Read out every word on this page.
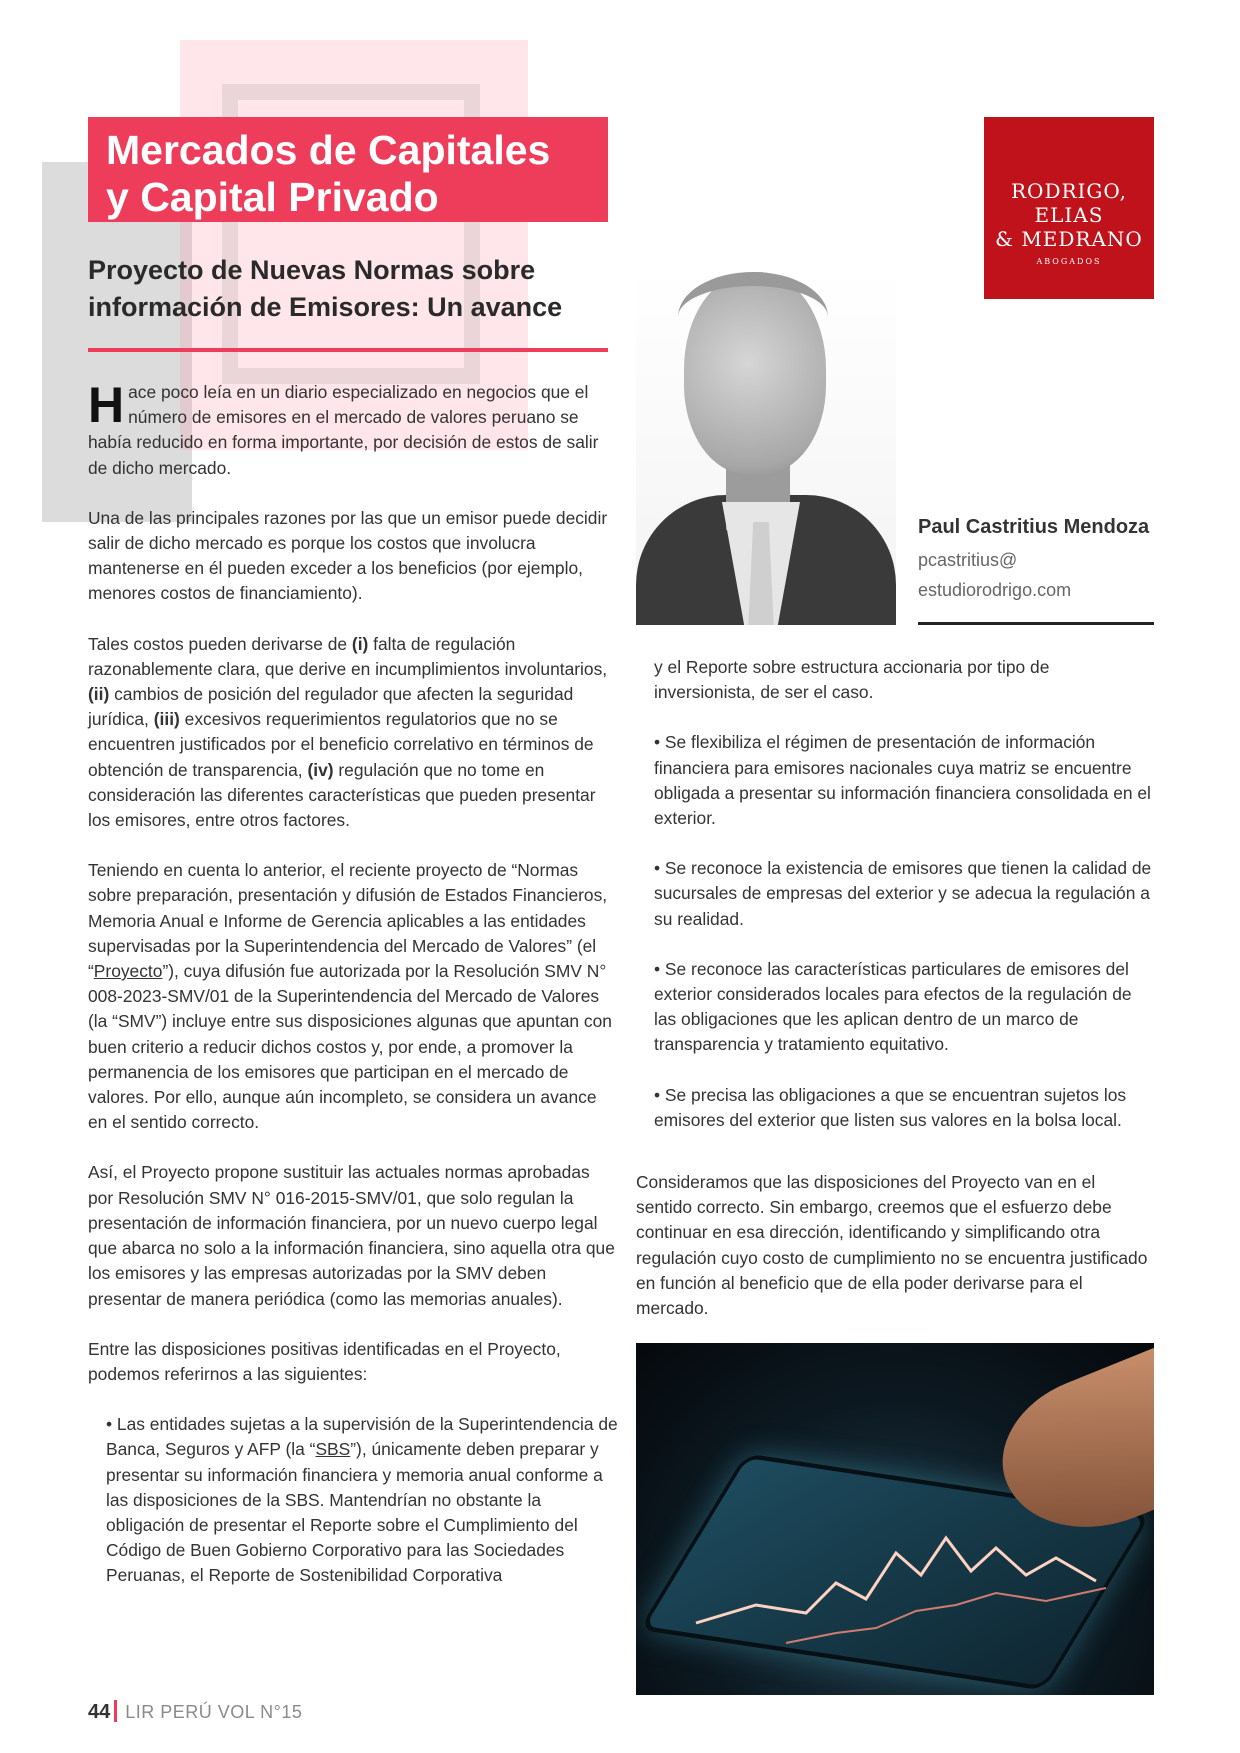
Mercados de Capitales
y Capital Privado
Proyecto de Nuevas Normas sobre
información de Emisores: Un avance
RODRIGO,
ELIAS
& MEDRANO
ABOGADOS
Paul Castritius Mendoza
pcastritius@
estudiorodrigo.com

Hace poco leía en un diario especializado en negocios que el número de emisores en el mercado de valores peruano se había reducido en forma importante, por decisión de estos de salir de dicho mercado.

Una de las principales razones por las que un emisor puede decidir salir de dicho mercado es porque los costos que involucra mantenerse en él pueden exceder a los beneficios (por ejemplo, menores costos de financiamiento).

Tales costos pueden derivarse de (i) falta de regulación razonablemente clara, que derive en incumplimientos involuntarios, (ii) cambios de posición del regulador que afecten la seguridad jurídica, (iii) excesivos requerimientos regulatorios que no se encuentren justificados por el beneficio correlativo en términos de obtención de transparencia, (iv) regulación que no tome en consideración las diferentes características que pueden presentar los emisores, entre otros factores.

Teniendo en cuenta lo anterior, el reciente proyecto de “Normas sobre preparación, presentación y difusión de Estados Financieros, Memoria Anual e Informe de Gerencia aplicables a las entidades supervisadas por la Superintendencia del Mercado de Valores” (el “Proyecto”), cuya difusión fue autorizada por la Resolución SMV N° 008-2023-SMV/01 de la Superintendencia del Mercado de Valores (la “SMV”) incluye entre sus disposiciones algunas que apuntan con buen criterio a reducir dichos costos y, por ende, a promover la permanencia de los emisores que participan en el mercado de valores. Por ello, aunque aún incompleto, se considera un avance en el sentido correcto.

Así, el Proyecto propone sustituir las actuales normas aprobadas por Resolución SMV N° 016-2015-SMV/01, que solo regulan la presentación de información financiera, por un nuevo cuerpo legal que abarca no solo a la información financiera, sino aquella otra que los emisores y las empresas autorizadas por la SMV deben presentar de manera periódica (como las memorias anuales).

Entre las disposiciones positivas identificadas en el Proyecto, podemos referirnos a las siguientes:

• Las entidades sujetas a la supervisión de la Superintendencia de Banca, Seguros y AFP (la “SBS”), únicamente deben preparar y presentar su información financiera y memoria anual conforme a las disposiciones de la SBS. Mantendrían no obstante la obligación de presentar el Reporte sobre el Cumplimiento del Código de Buen Gobierno Corporativo para las Sociedades Peruanas, el Reporte de Sostenibilidad Corporativa

y el Reporte sobre estructura accionaria por tipo de inversionista, de ser el caso.

• Se flexibiliza el régimen de presentación de información financiera para emisores nacionales cuya matriz se encuentre obligada a presentar su información financiera consolidada en el exterior.

• Se reconoce la existencia de emisores que tienen la calidad de sucursales de empresas del exterior y se adecua la regulación a su realidad.

• Se reconoce las características particulares de emisores del exterior considerados locales para efectos de la regulación de las obligaciones que les aplican dentro de un marco de transparencia y tratamiento equitativo.

• Se precisa las obligaciones a que se encuentran sujetos los emisores del exterior que listen sus valores en la bolsa local.

Consideramos que las disposiciones del Proyecto van en el sentido correcto. Sin embargo, creemos que el esfuerzo debe continuar en esa dirección, identificando y simplificando otra regulación cuyo costo de cumplimiento no se encuentra justificado en función al beneficio que de ella poder derivarse para el mercado.

44 LIR PERÚ VOL N°15
